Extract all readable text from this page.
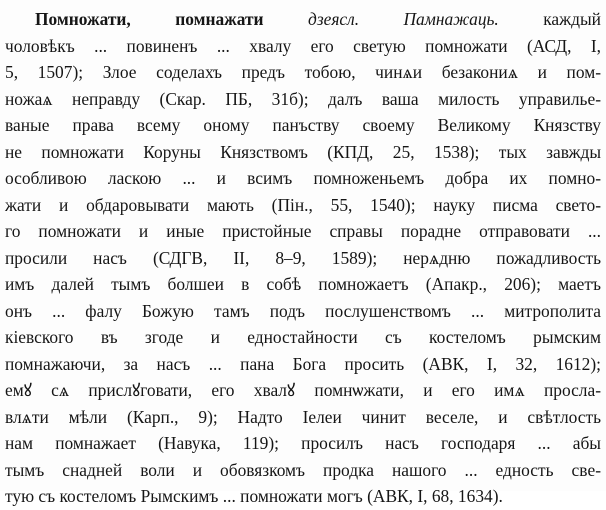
Помножати, помнажати	дзеясл.	Памнажаць.	каждый
чоловѣкъ ... повиненъ ... хвалу его светую помножати (АСД, I,
5, 1507); Злое соделахъ предъ тобою, чинѧи безакониѧ и пом-
ножаѧ неправду (Скар. ПБ, 31б); далъ ваша милость управилье-
ваные права всему оному панъству своему Великому Князству
не помножати Коруны Князствомъ (КПД, 25, 1538); тых завжды
особливою ласкою ... и всимъ помноженьемъ добра их помно-
жати и обдаровывати мають (Пін., 55, 1540); науку писма свето-
го помножати и иные пристойные справы порадне отправовати ...
просили насъ (СДГВ, II, 8–9, 1589); нерѧдню пожадливость
имъ далей тымъ болшеи в собѣ помножаетъ (Апакр., 206); маетъ
онъ ... фалу Божую тамъ подъ послушенствомъ ... митрополита
кіевского въ згоде и едностайности съ костеломъ рымским
помнажаючи, за насъ ... пана Бога просить (АВК, I, 32, 1612);
емꙋ сѧ прислꙋговати, его хвалꙋ помнѡжати, и его имѧ просла-
влѧти мѣли (Карп., 9); Надто Іелеи чинит веселе, и свѣтлость
нам помнажает (Навука, 119); просилъ насъ господаря ... абы
тымъ снадней воли и обовязкомъ продка нашого ... едность свe-
тую съ костеломъ Рымскимъ ... помножати могъ (АВК, I, 68, 1634).
